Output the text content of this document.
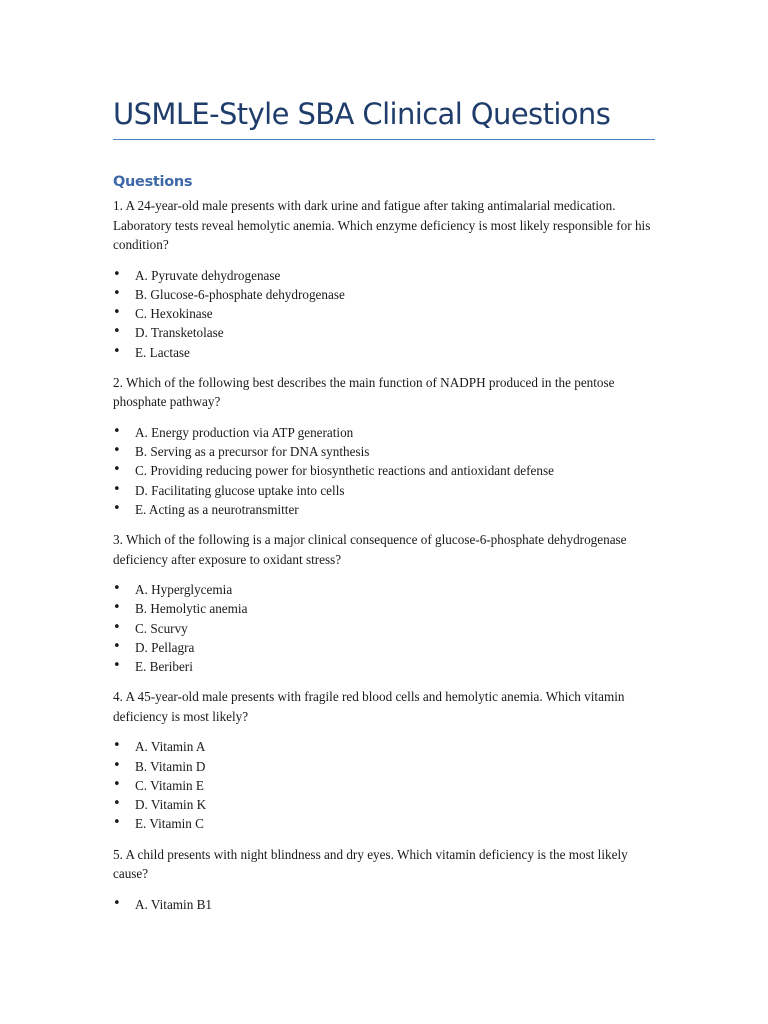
USMLE-Style SBA Clinical Questions
Questions

1. A 24-year-old male presents with dark urine and fatigue after taking antimalarial medication. Laboratory tests reveal hemolytic anemia. Which enzyme deficiency is most likely responsible for his condition?

• A. Pyruvate dehydrogenase
• B. Glucose-6-phosphate dehydrogenase
• C. Hexokinase
• D. Transketolase
• E. Lactase

2. Which of the following best describes the main function of NADPH produced in the pentose phosphate pathway?

• A. Energy production via ATP generation
• B. Serving as a precursor for DNA synthesis
• C. Providing reducing power for biosynthetic reactions and antioxidant defense
• D. Facilitating glucose uptake into cells
• E. Acting as a neurotransmitter

3. Which of the following is a major clinical consequence of glucose-6-phosphate dehydrogenase deficiency after exposure to oxidant stress?

• A. Hyperglycemia
• B. Hemolytic anemia
• C. Scurvy
• D. Pellagra
• E. Beriberi

4. A 45-year-old male presents with fragile red blood cells and hemolytic anemia. Which vitamin deficiency is most likely?

• A. Vitamin A
• B. Vitamin D
• C. Vitamin E
• D. Vitamin K
• E. Vitamin C

5. A child presents with night blindness and dry eyes. Which vitamin deficiency is the most likely cause?

• A. Vitamin B1
